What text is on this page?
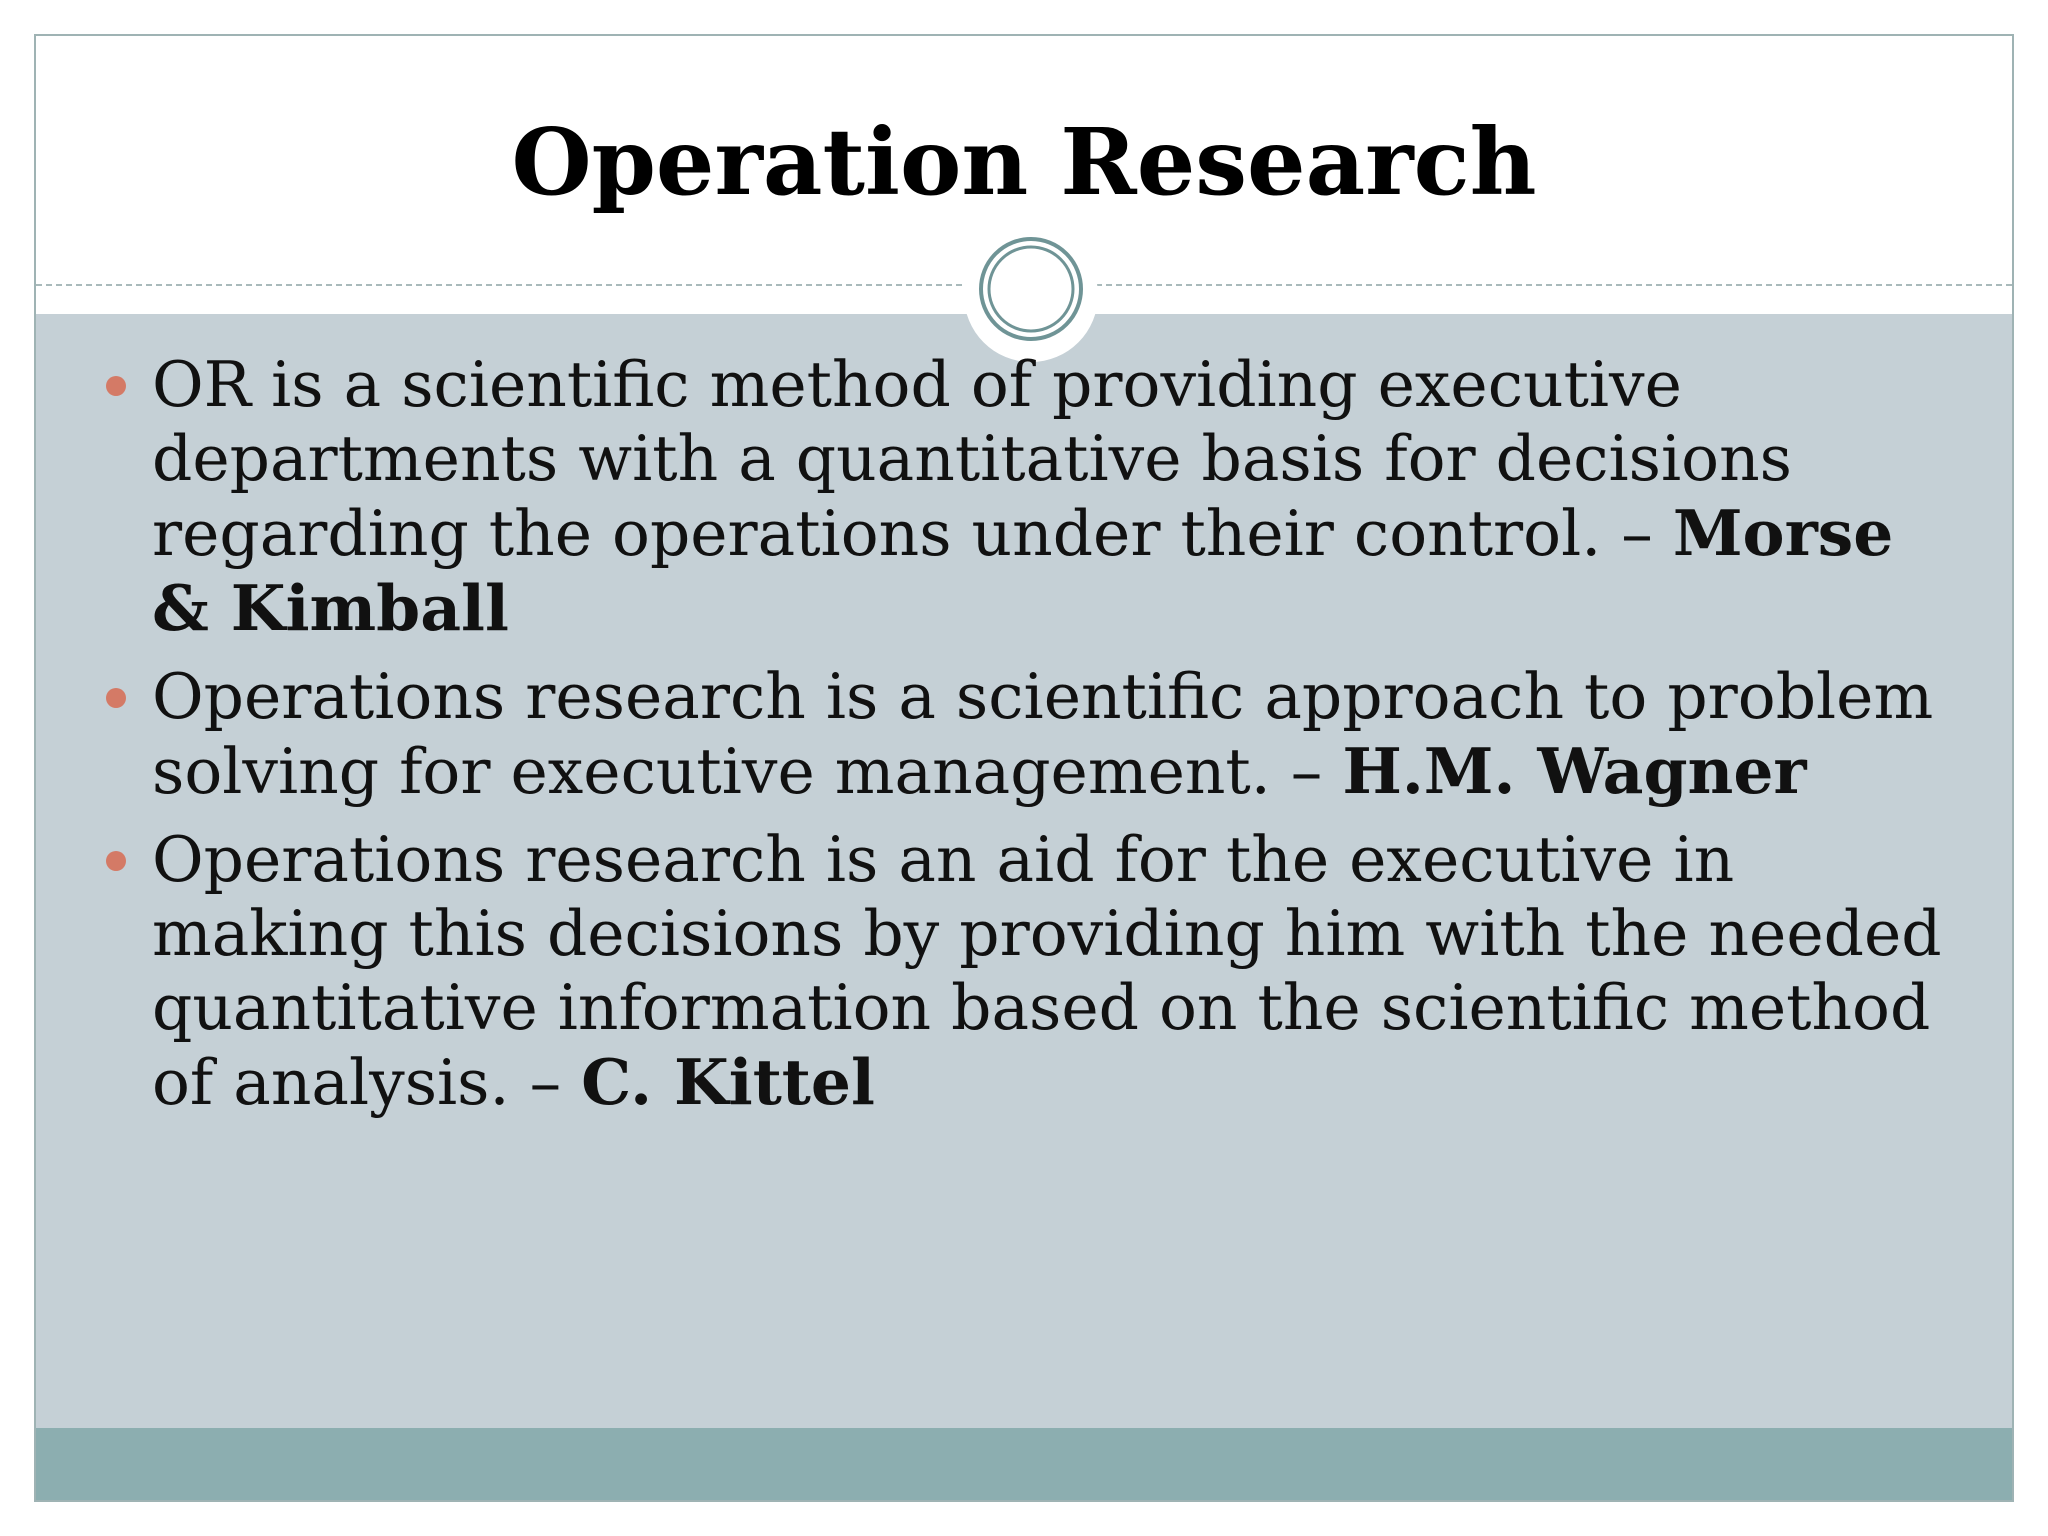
Operation Research
OR is a scientific method of providing executive departments with a quantitative basis for decisions regarding the operations under their control. – Morse & Kimball
Operations research is a scientific approach to problem solving for executive management. – H.M. Wagner
Operations research is an aid for the executive in making this decisions by providing him with the needed quantitative information based on the scientific method of analysis. – C. Kittel
